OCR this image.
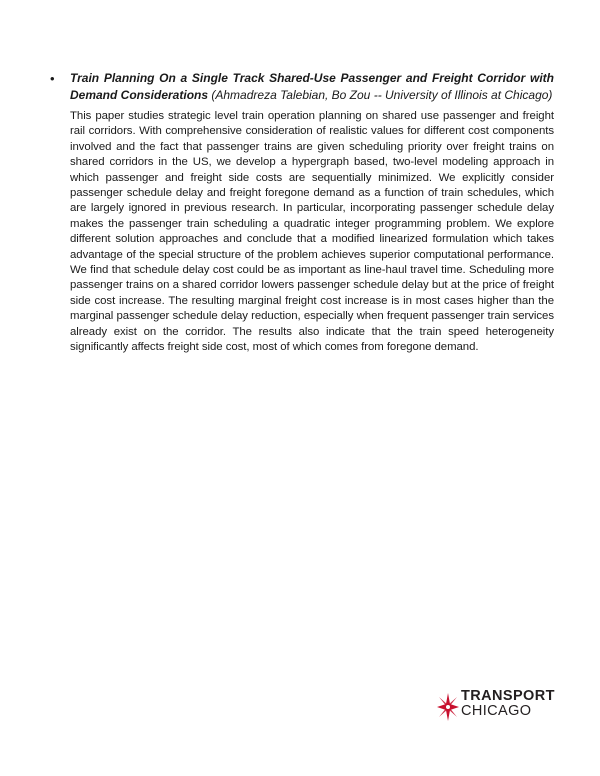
• Train Planning On a Single Track Shared-Use Passenger and Freight Corridor with Demand Considerations (Ahmadreza Talebian, Bo Zou -- University of Illinois at Chicago)
This paper studies strategic level train operation planning on shared use passenger and freight rail corridors. With comprehensive consideration of realistic values for different cost components involved and the fact that passenger trains are given scheduling priority over freight trains on shared corridors in the US, we develop a hypergraph based, two-level modeling approach in which passenger and freight side costs are sequentially minimized. We explicitly consider passenger schedule delay and freight foregone demand as a function of train schedules, which are largely ignored in previous research. In particular, incorporating passenger schedule delay makes the passenger train scheduling a quadratic integer programming problem. We explore different solution approaches and conclude that a modified linearized formulation which takes advantage of the special structure of the problem achieves superior computational performance. We find that schedule delay cost could be as important as line-haul travel time. Scheduling more passenger trains on a shared corridor lowers passenger schedule delay but at the price of freight side cost increase. The resulting marginal freight cost increase is in most cases higher than the marginal passenger schedule delay reduction, especially when frequent passenger train services already exist on the corridor. The results also indicate that the train speed heterogeneity significantly affects freight side cost, most of which comes from foregone demand.
TRANSPORT
CHICAGO
